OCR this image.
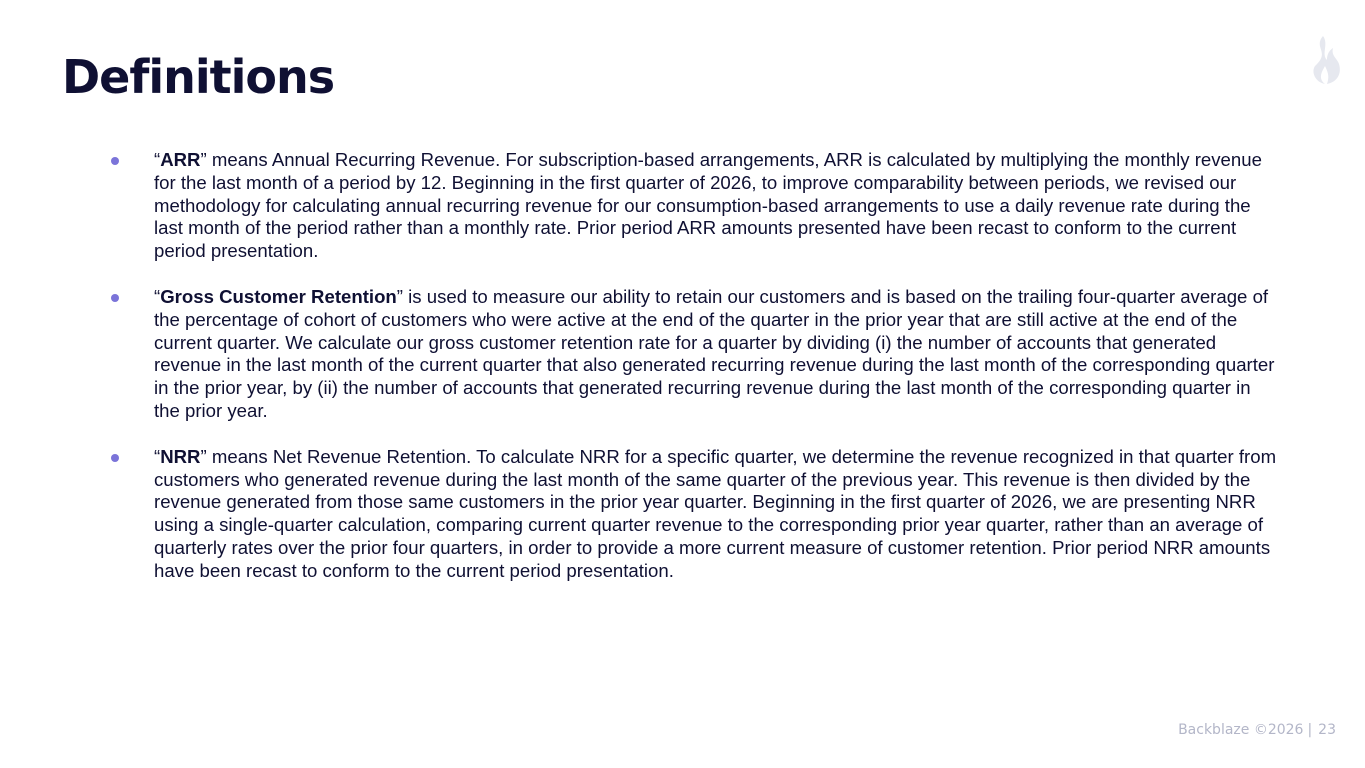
Definitions
“ARR” means Annual Recurring Revenue. For subscription-based arrangements, ARR is calculated by multiplying the monthly revenue for the last month of a period by 12. Beginning in the first quarter of 2026, to improve comparability between periods, we revised our methodology for calculating annual recurring revenue for our consumption-based arrangements to use a daily revenue rate during the last month of the period rather than a monthly rate. Prior period ARR amounts presented have been recast to conform to the current period presentation.
“Gross Customer Retention” is used to measure our ability to retain our customers and is based on the trailing four-quarter average of the percentage of cohort of customers who were active at the end of the quarter in the prior year that are still active at the end of the current quarter. We calculate our gross customer retention rate for a quarter by dividing (i) the number of accounts that generated revenue in the last month of the current quarter that also generated recurring revenue during the last month of the corresponding quarter in the prior year, by (ii) the number of accounts that generated recurring revenue during the last month of the corresponding quarter in the prior year.
“NRR” means Net Revenue Retention. To calculate NRR for a specific quarter, we determine the revenue recognized in that quarter from customers who generated revenue during the last month of the same quarter of the previous year. This revenue is then divided by the revenue generated from those same customers in the prior year quarter. Beginning in the first quarter of 2026, we are presenting NRR using a single-quarter calculation, comparing current quarter revenue to the corresponding prior year quarter, rather than an average of quarterly rates over the prior four quarters, in order to provide a more current measure of customer retention. Prior period NRR amounts have been recast to conform to the current period presentation.
Backblaze ©2026 | 23
